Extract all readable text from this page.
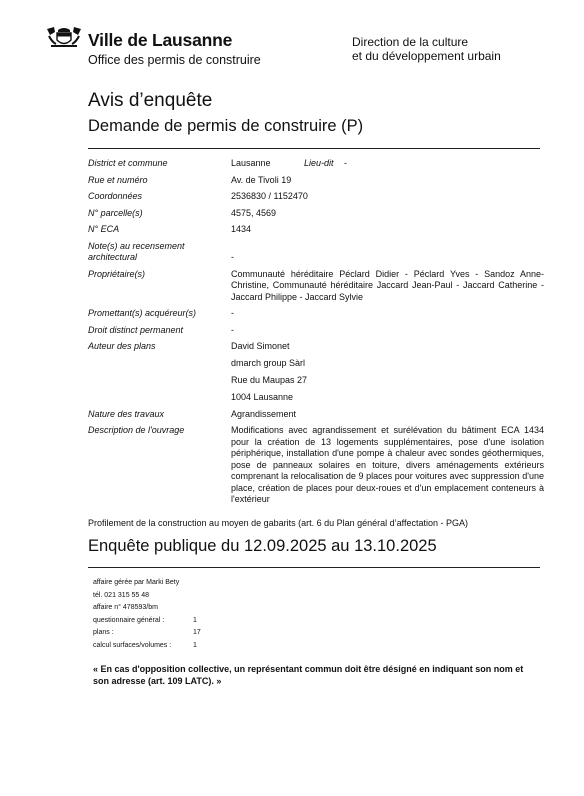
Ville de Lausanne
Office des permis de construire
Direction de la culture
et du développement urbain
Avis d’enquête
Demande de permis de construire (P)
District et commune	Lausanne	Lieu-dit -
Rue et numéro	Av. de Tivoli 19
Coordonnées	2536830 / 1152470
N° parcelle(s)	4575, 4569
N° ECA	1434
Note(s) au recensement
architectural
	-
Propriétaire(s)	Communauté héréditaire Péclard Didier - Péclard Yves - Sandoz Anne-Christine, Communauté héréditaire Jaccard Jean-Paul - Jaccard Catherine - Jaccard Philippe - Jaccard Sylvie
Promettant(s) acquéreur(s)	-
Droit distinct permanent	-
Auteur des plans	David Simonet
dmarch group Sàrl
Rue du Maupas 27
1004 Lausanne
Nature des travaux	Agrandissement
Description de l'ouvrage	Modifications avec agrandissement et surélévation du bâtiment ECA 1434 pour la création de 13 logements supplémentaires, pose d'une isolation périphérique, installation d'une pompe à chaleur avec sondes géothermiques, pose de panneaux solaires en toiture, divers aménagements extérieurs comprenant la relocalisation de 9 places pour voitures avec suppression d'une place, création de places pour deux-roues et d'un emplacement conteneurs à l'extérieur
Profilement de la construction au moyen de gabarits (art. 6 du Plan général d’affectation - PGA)
Enquête publique du 12.09.2025 au 13.10.2025
affaire gérée par Marki Bety
tél. 021 315 55 48
affaire n° 478593/bm
questionnaire général :	1
plans :	17
calcul surfaces/volumes :	1
« En cas d'opposition collective, un représentant commun doit être désigné en indiquant son nom et son adresse (art. 109 LATC). »
